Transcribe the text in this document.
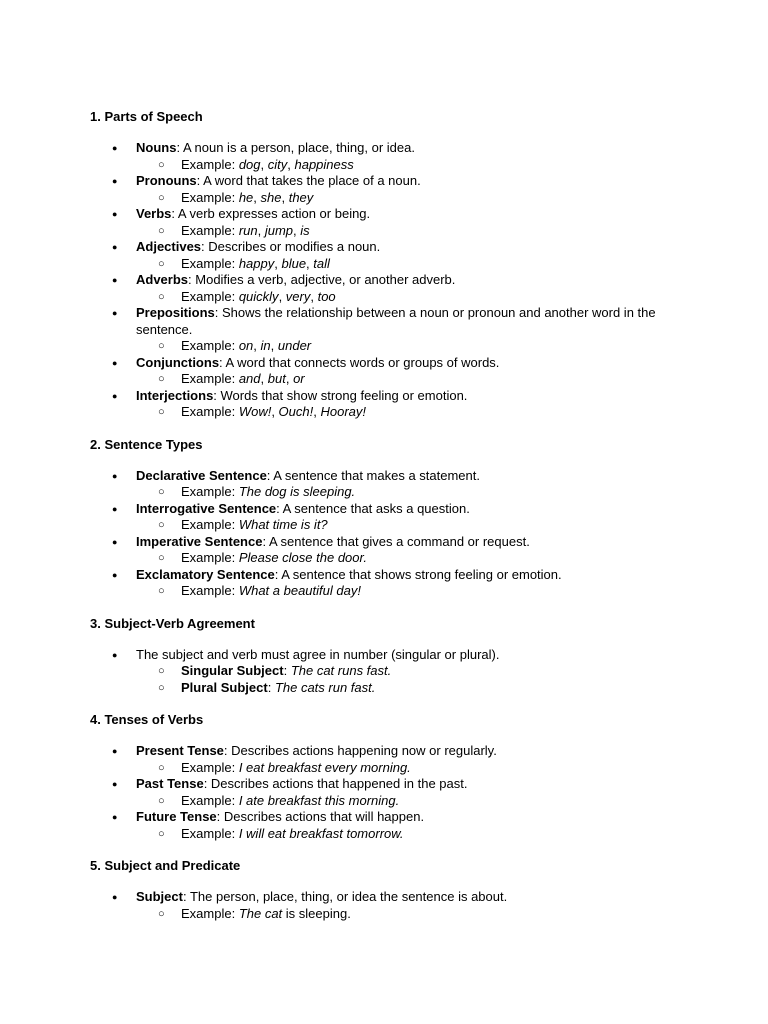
1. Parts of Speech
● Nouns: A noun is a person, place, thing, or idea.
○ Example: dog, city, happiness
● Pronouns: A word that takes the place of a noun.
○ Example: he, she, they
● Verbs: A verb expresses action or being.
○ Example: run, jump, is
● Adjectives: Describes or modifies a noun.
○ Example: happy, blue, tall
● Adverbs: Modifies a verb, adjective, or another adverb.
○ Example: quickly, very, too
● Prepositions: Shows the relationship between a noun or pronoun and another word in the sentence.
○ Example: on, in, under
● Conjunctions: A word that connects words or groups of words.
○ Example: and, but, or
● Interjections: Words that show strong feeling or emotion.
○ Example: Wow!, Ouch!, Hooray!
2. Sentence Types
● Declarative Sentence: A sentence that makes a statement.
○ Example: The dog is sleeping.
● Interrogative Sentence: A sentence that asks a question.
○ Example: What time is it?
● Imperative Sentence: A sentence that gives a command or request.
○ Example: Please close the door.
● Exclamatory Sentence: A sentence that shows strong feeling or emotion.
○ Example: What a beautiful day!
3. Subject-Verb Agreement
● The subject and verb must agree in number (singular or plural).
○ Singular Subject: The cat runs fast.
○ Plural Subject: The cats run fast.
4. Tenses of Verbs
● Present Tense: Describes actions happening now or regularly.
○ Example: I eat breakfast every morning.
● Past Tense: Describes actions that happened in the past.
○ Example: I ate breakfast this morning.
● Future Tense: Describes actions that will happen.
○ Example: I will eat breakfast tomorrow.
5. Subject and Predicate
● Subject: The person, place, thing, or idea the sentence is about.
○ Example: The cat is sleeping.
